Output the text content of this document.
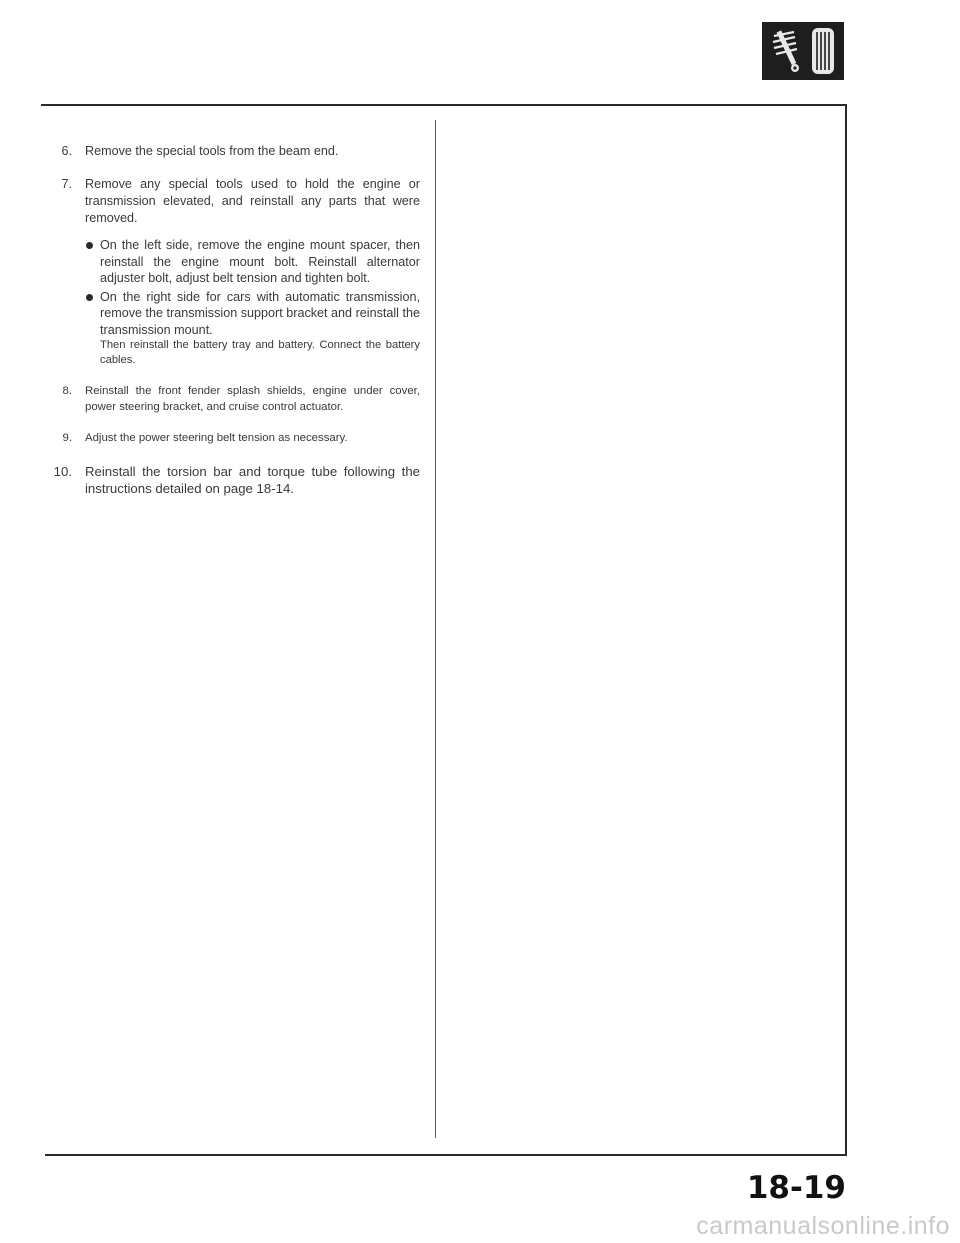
6. Remove the special tools from the beam end.
7. Remove any special tools used to hold the engine or transmission elevated, and reinstall any parts that were removed.
On the left side, remove the engine mount spacer, then reinstall the engine mount bolt. Reinstall alternator adjuster bolt, adjust belt tension and tighten bolt.
On the right side for cars with automatic transmission, remove the transmission support bracket and reinstall the transmission mount.
Then reinstall the battery tray and battery. Connect the battery cables.
8. Reinstall the front fender splash shields, engine under cover, power steering bracket, and cruise control actuator.
9. Adjust the power steering belt tension as necessary.
10. Reinstall the torsion bar and torque tube following the instructions detailed on page 18-14.
18-19
carmanualsonline.info
